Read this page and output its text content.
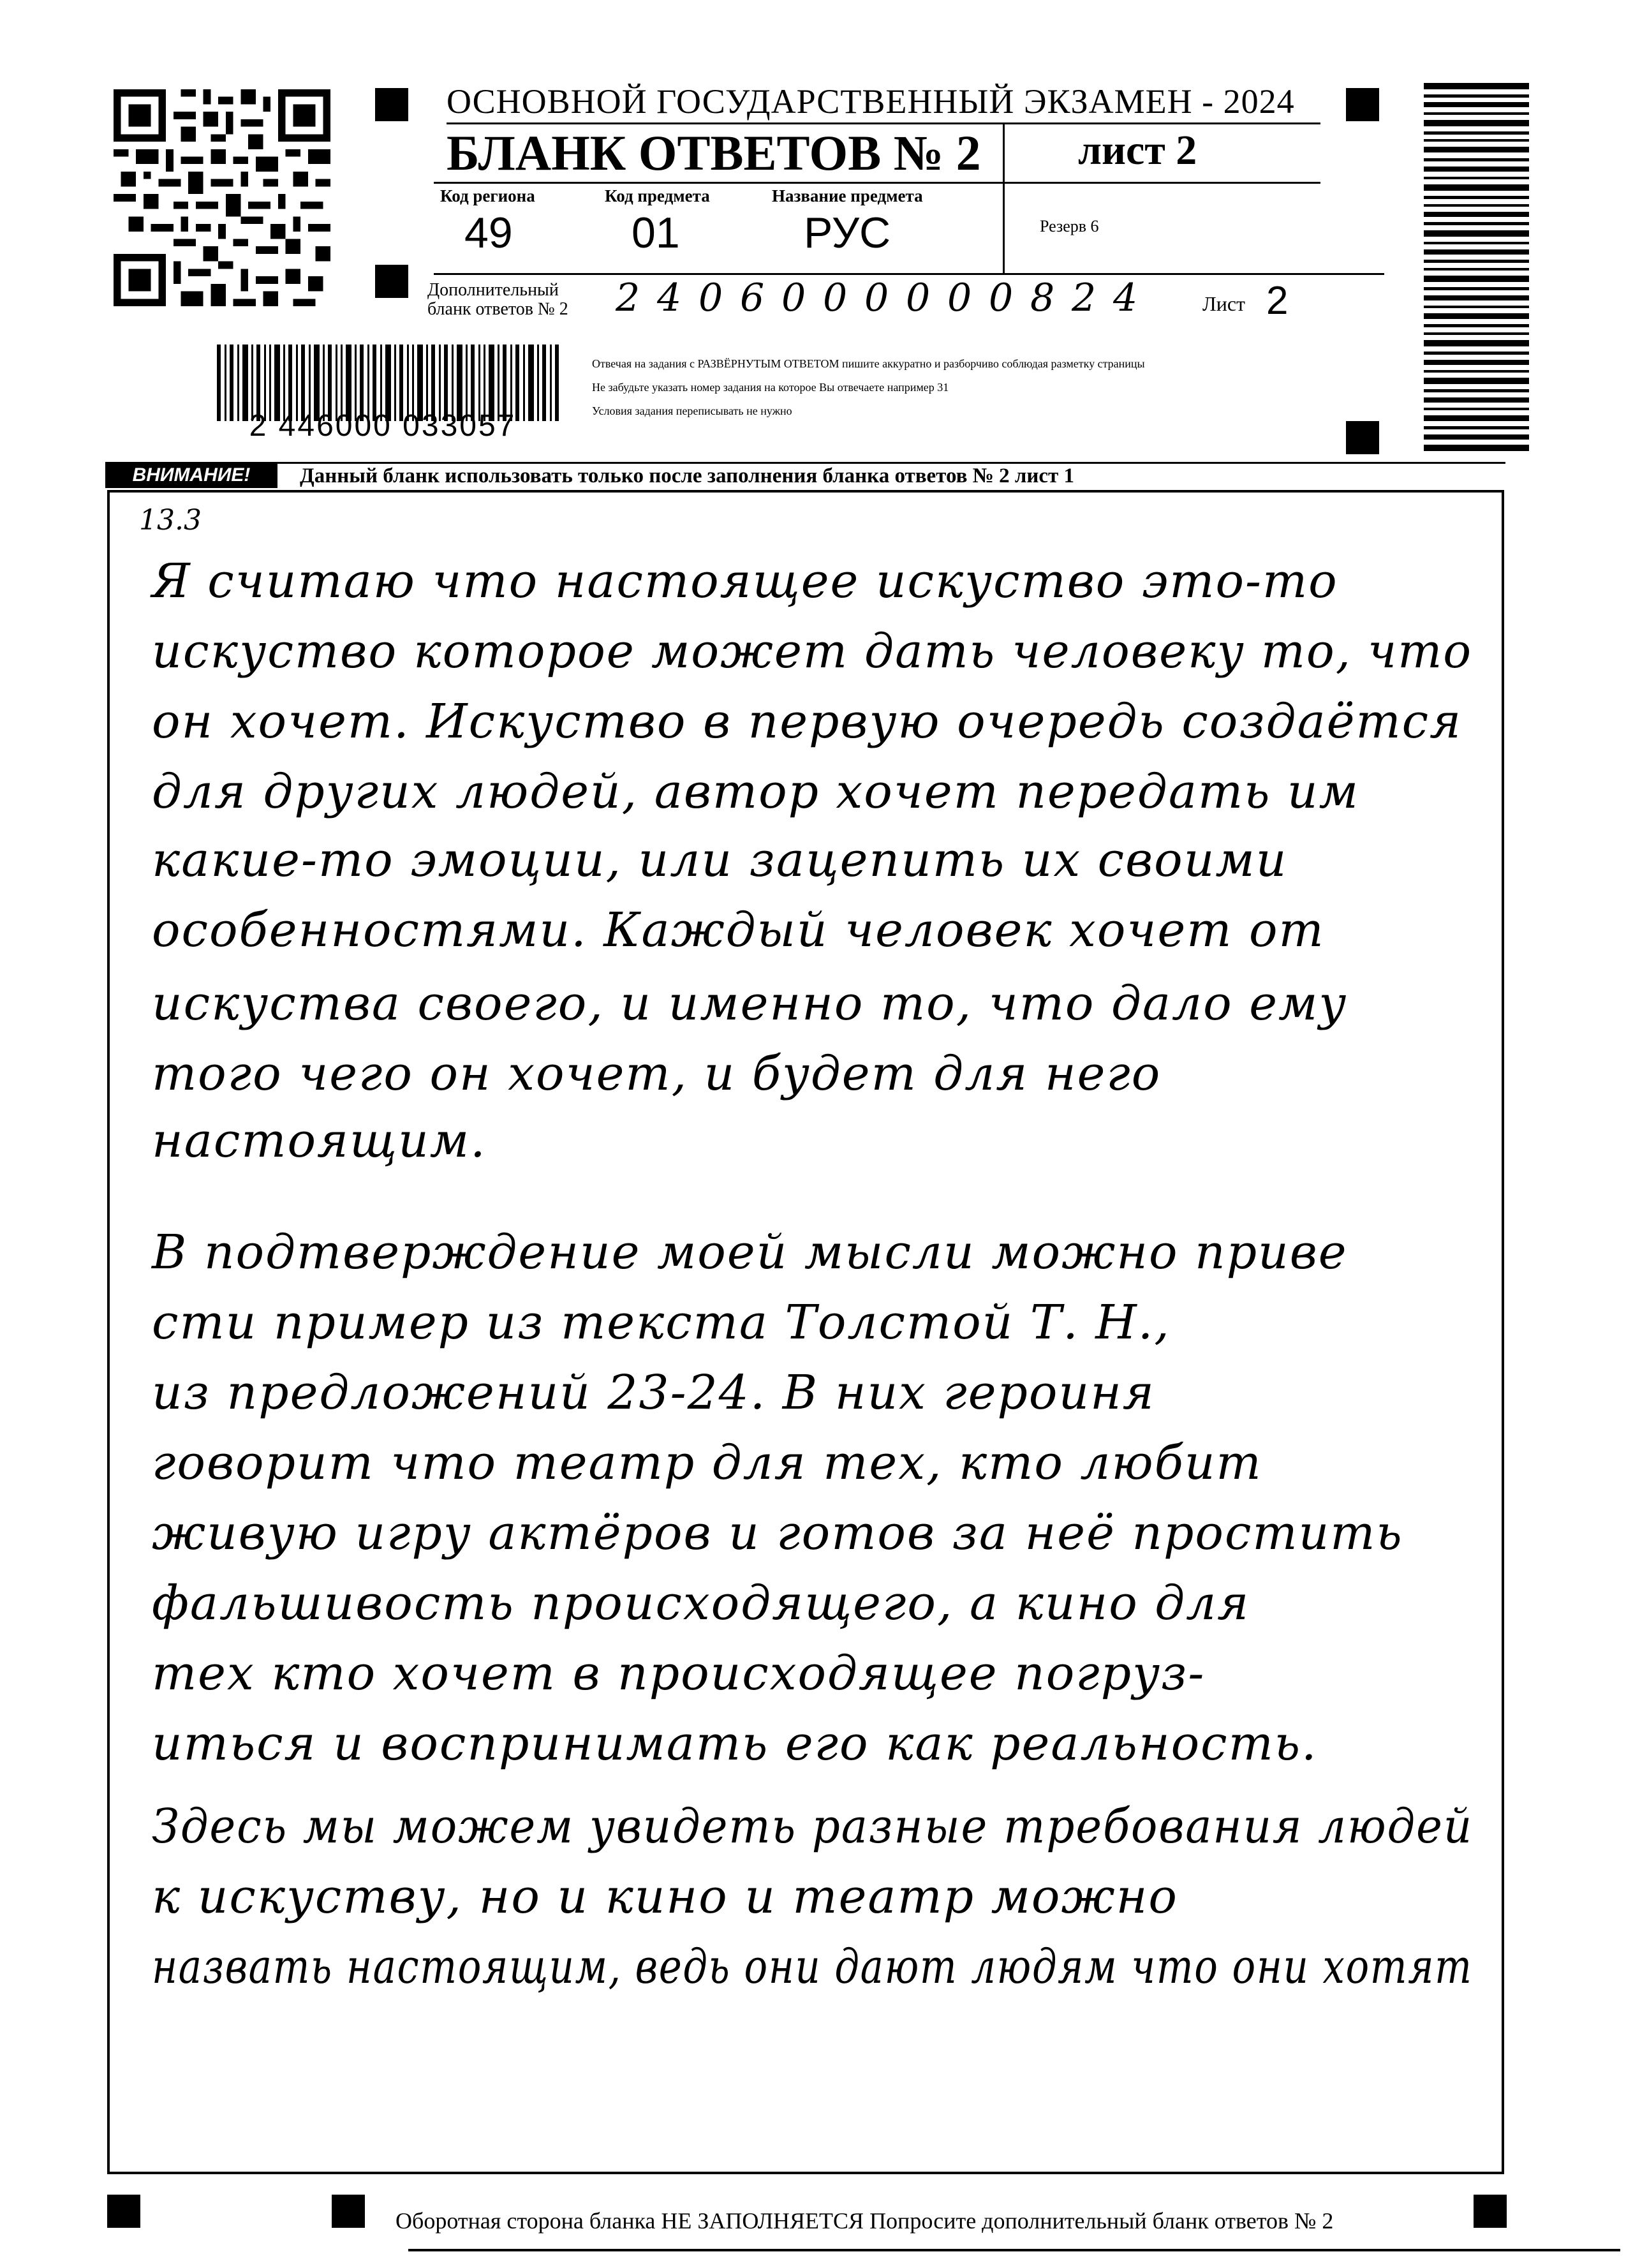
ОСНОВНОЙ ГОСУДАРСТВЕННЫЙ ЭКЗАМЕН - 2024
БЛАНК ОТВЕТОВ № 2 лист 2
Код региона	Код предмета	Название предмета
49	01	РУС	Резерв 6
Дополнительный
бланк ответов № 2 2 4 0 6 0 0 0 0 0 0 8 2 4	Лист 2
2 446000 033057
Отвечая на задания с РАЗВЁРНУТЫМ ОТВЕТОМ пишите аккуратно и разборчиво соблюдая разметку страницы
Не забудьте указать номер задания на которое Вы отвечаете например 31
Условия задания переписывать не нужно
ВНИМАНИЕ!	Данный бланк использовать только после заполнения бланка ответов № 2 лист 1
13.3
Я считаю что настоящее искуство это-то
искуство которое может дать человеку то, что
он хочет. Искуство в первую очередь создаётся
для других людей, автор хочет передать им
какие-то эмоции, или зацепить их своими
особенностями. Каждый человек хочет от
искуства своего, и именно то, что дало ему
того чего он хочет, и будет для него
настоящим.
В подтверждение моей мысли можно приве
сти пример из текста Толстой Т. Н.,
из предложений 23-24. В них героиня
говорит что театр для тех, кто любит
живую игру актёров и готов за неё простить
фальшивость происходящего, а кино для
тех кто хочет в происходящее погруз-
иться и воспринимать его как реальность.
Здесь мы можем увидеть разные требования людей
к искуству, но и кино и театр можно
назвать настоящим, ведь они дают людям что они хотят
Оборотная сторона бланка НЕ ЗАПОЛНЯЕТСЯ Попросите дополнительный бланк ответов № 2
